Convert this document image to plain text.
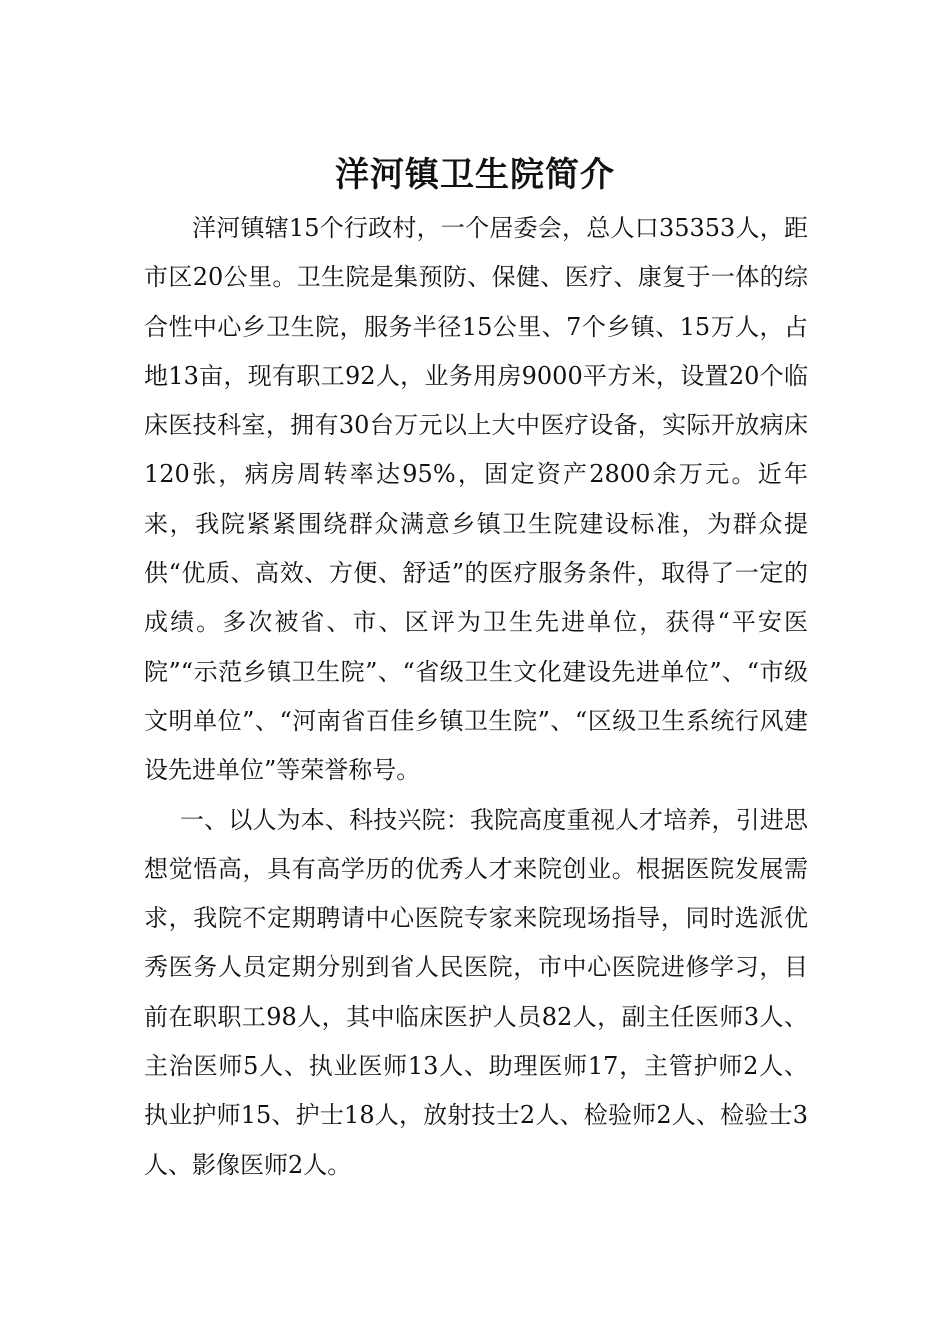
洋河镇卫生院简介

洋河镇辖15个行政村，一个居委会，总人口35353人，距市区20公里。卫生院是集预防、保健、医疗、康复于一体的综合性中心乡卫生院，服务半径15公里、7个乡镇、15万人，占地13亩，现有职工92人，业务用房9000平方米，设置20个临床医技科室，拥有30台万元以上大中医疗设备，实际开放病床120张，病房周转率达95%，固定资产2800余万元。近年来，我院紧紧围绕群众满意乡镇卫生院建设标准，为群众提供“优质、高效、方便、舒适”的医疗服务条件，取得了一定的成绩。多次被省、市、区评为卫生先进单位，获得“平安医院”“示范乡镇卫生院”、“省级卫生文化建设先进单位”、“市级文明单位”、“河南省百佳乡镇卫生院”、“区级卫生系统行风建设先进单位”等荣誉称号。

一、以人为本、科技兴院：我院高度重视人才培养，引进思想觉悟高，具有高学历的优秀人才来院创业。根据医院发展需求，我院不定期聘请中心医院专家来院现场指导，同时选派优秀医务人员定期分别到省人民医院，市中心医院进修学习，目前在职职工98人，其中临床医护人员82人，副主任医师3人、主治医师5人、执业医师13人、助理医师17，主管护师2人、执业护师15、护士18人，放射技士2人、检验师2人、检验士3人、影像医师2人。
